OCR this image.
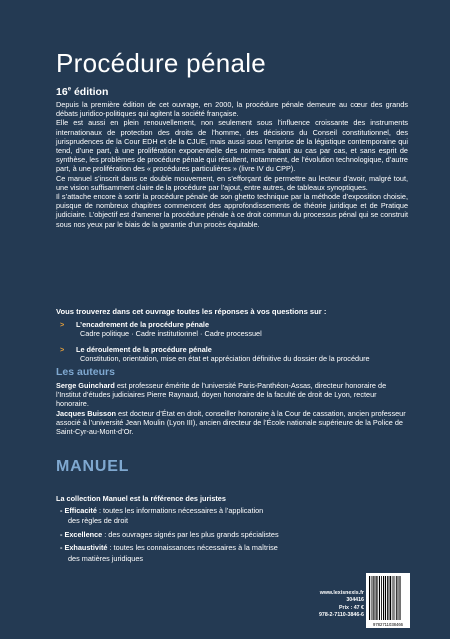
Procédure pénale
16e édition

Depuis la première édition de cet ouvrage, en 2000, la procédure pénale demeure au cœur des grands débats juridico-politiques qui agitent la société française.

Elle est aussi en plein renouvellement, non seulement sous l’influence croissante des instruments internationaux de protection des droits de l’homme, des décisions du Conseil constitutionnel, des jurisprudences de la Cour EDH et de la CJUE, mais aussi sous l’emprise de la légistique contemporaine qui tend, d’une part, à une prolifération exponentielle des normes traitant au cas par cas, et sans esprit de synthèse, les problèmes de procédure pénale qui résultent, notamment, de l’évolution technologique, d’autre part, à une prolifération des « procédures particulières » (livre IV du CPP).

Ce manuel s’inscrit dans ce double mouvement, en s’efforçant de permettre au lecteur d’avoir, malgré tout, une vision suffisamment claire de la procédure par l’ajout, entre autres, de tableaux synoptiques.

Il s’attache encore à sortir la procédure pénale de son ghetto technique par la méthode d’exposition choisie, puisque de nombreux chapitres commencent des approfondissements de théorie juridique et de Pratique judiciaire. L’objectif est d’amener la procédure pénale à ce droit commun du processus pénal qui se construit sous nos yeux par le biais de la garantie d’un procès équitable.

Vous trouverez dans cet ouvrage toutes les réponses à vos questions sur :

> L’encadrement de la procédure pénale
Cadre politique · Cadre institutionnel · Cadre processuel
> Le déroulement de la procédure pénale
Constitution, orientation, mise en état et appréciation définitive du dossier de la procédure
Les auteurs

Serge Guinchard est professeur émérite de l’université Paris-Panthéon-Assas, directeur honoraire de l’Institut d’études judiciaires Pierre Raynaud, doyen honoraire de la faculté de droit de Lyon, recteur honoraire.

Jacques Buisson est docteur d’État en droit, conseiller honoraire à la Cour de cassation, ancien professeur associé à l’université Jean Moulin (Lyon III), ancien directeur de l’École nationale supérieure de la Police de Saint-Cyr-au-Mont-d’Or.

MANUEL

La collection Manuel est la référence des juristes

- Efficacité : toutes les informations nécessaires à l’application
des règles de droit
- Excellence : des ouvrages signés par les plus grands spécialistes
- Exhaustivité : toutes les connaissances nécessaires à la maîtrise
des matières juridiques
www.lexisnexis.fr
304416
Prix : 47 €
978-2-7110-3846-6
9782711038466
